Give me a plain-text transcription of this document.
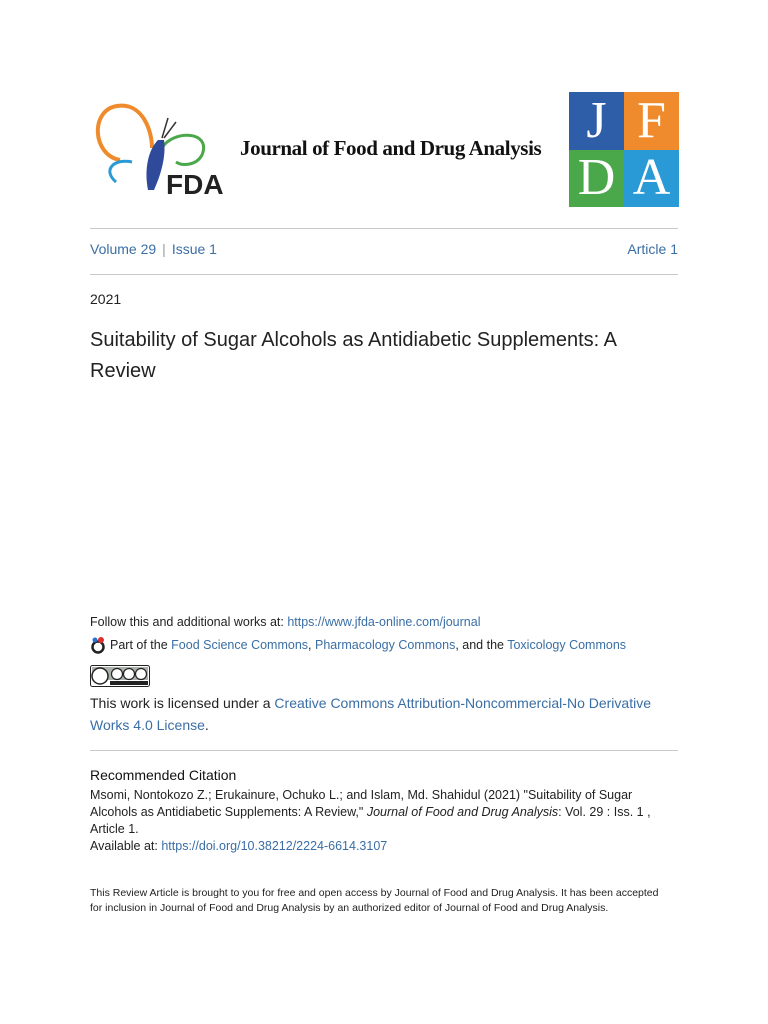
FDA
Journal of Food and Drug Analysis J F
D A
Volume 29 | Issue 1	Article 1
2021
Suitability of Sugar Alcohols as Antidiabetic Supplements: A Review
Follow this and additional works at: https://www.jfda-online.com/journal
Part of the Food Science Commons, Pharmacology Commons, and the Toxicology Commons
This work is licensed under a Creative Commons Attribution-Noncommercial-No Derivative Works 4.0 License.
Recommended Citation
Msomi, Nontokozo Z.; Erukainure, Ochuko L.; and Islam, Md. Shahidul (2021) "Suitability of Sugar Alcohols as Antidiabetic Supplements: A Review," Journal of Food and Drug Analysis: Vol. 29 : Iss. 1 , Article 1.
Available at: https://doi.org/10.38212/2224-6614.3107
This Review Article is brought to you for free and open access by Journal of Food and Drug Analysis. It has been accepted for inclusion in Journal of Food and Drug Analysis by an authorized editor of Journal of Food and Drug Analysis.
